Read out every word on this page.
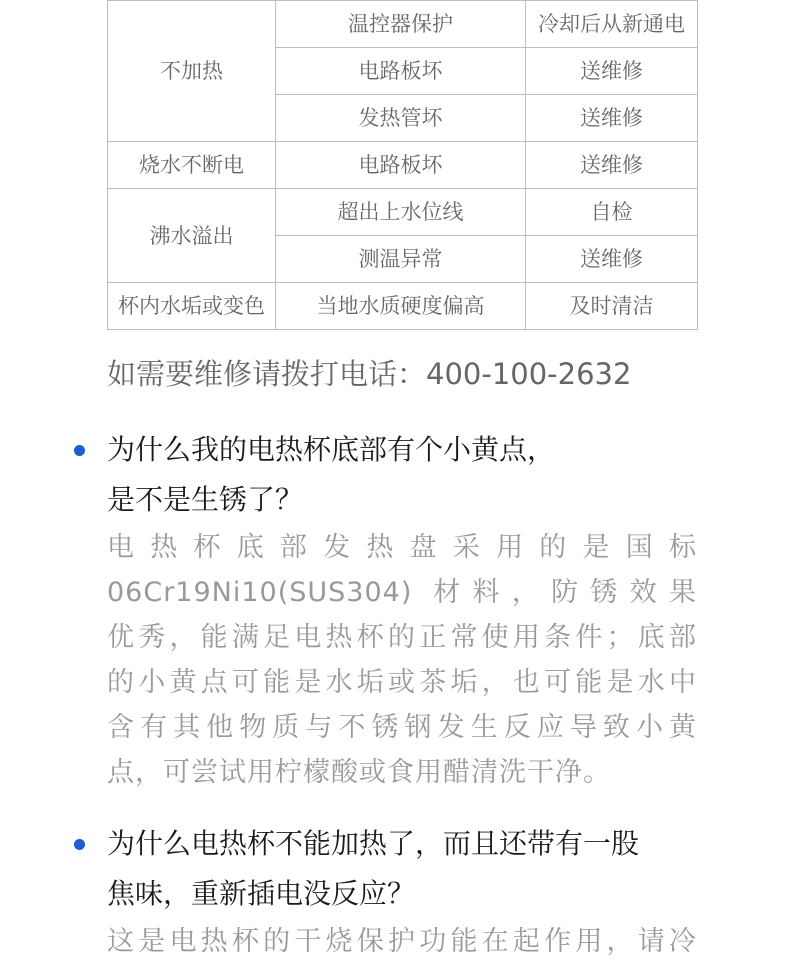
不加热	温控器保护	冷却后从新通电
	电路板坏	送维修
	发热管坏	送维修
烧水不断电	电路板坏	送维修
沸水溢出	超出上水位线	自检
	测温异常	送维修
杯内水垢或变色	当地水质硬度偏高	及时清洁
如需要维修请拨打电话：400-100-2632
为什么我的电热杯底部有个小黄点，
是不是生锈了？
电热杯底部发热盘采用的是国标
06Cr19Ni10(SUS304) 材料，防锈效果
优秀，能满足电热杯的正常使用条件；底部
的小黄点可能是水垢或茶垢，也可能是水中
含有其他物质与不锈钢发生反应导致小黄
点，可尝试用柠檬酸或食用醋清洗干净。
为什么电热杯不能加热了，而且还带有一股
焦味，重新插电没反应？
这是电热杯的干烧保护功能在起作用，请冷
